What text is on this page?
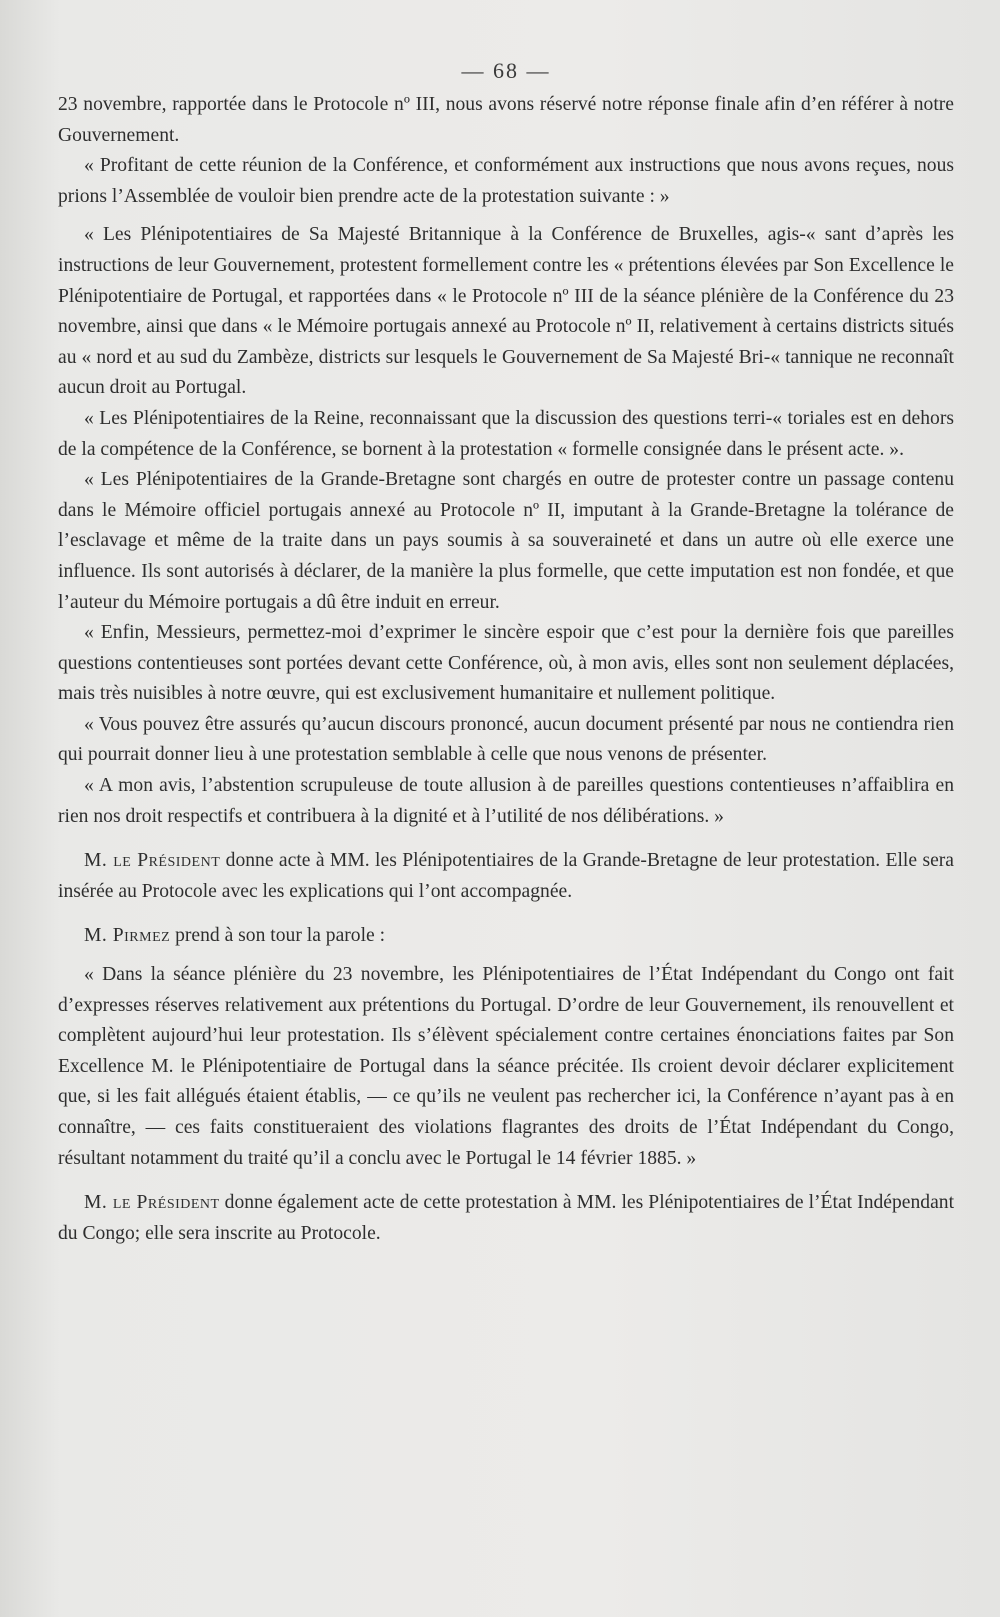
— 68 —

23 novembre, rapportée dans le Protocole nº III, nous avons réservé notre réponse finale afin d’en référer à notre Gouvernement.

« Profitant de cette réunion de la Conférence, et conformément aux instructions que nous avons reçues, nous prions l’Assemblée de vouloir bien prendre acte de la protestation suivante : »

« Les Plénipotentiaires de Sa Majesté Britannique à la Conférence de Bruxelles, agis-« sant d’après les instructions de leur Gouvernement, protestent formellement contre les « prétentions élevées par Son Excellence le Plénipotentiaire de Portugal, et rapportées dans « le Protocole nº III de la séance plénière de la Conférence du 23 novembre, ainsi que dans « le Mémoire portugais annexé au Protocole nº II, relativement à certains districts situés au « nord et au sud du Zambèze, districts sur lesquels le Gouvernement de Sa Majesté Bri-« tannique ne reconnaît aucun droit au Portugal.

« Les Plénipotentiaires de la Reine, reconnaissant que la discussion des questions terri-« toriales est en dehors de la compétence de la Conférence, se bornent à la protestation « formelle consignée dans le présent acte. ».

« Les Plénipotentiaires de la Grande-Bretagne sont chargés en outre de protester contre un passage contenu dans le Mémoire officiel portugais annexé au Protocole nº II, imputant à la Grande-Bretagne la tolérance de l’esclavage et même de la traite dans un pays soumis à sa souveraineté et dans un autre où elle exerce une influence. Ils sont autorisés à déclarer, de la manière la plus formelle, que cette imputation est non fondée, et que l’auteur du Mémoire portugais a dû être induit en erreur.

« Enfin, Messieurs, permettez-moi d’exprimer le sincère espoir que c’est pour la dernière fois que pareilles questions contentieuses sont portées devant cette Conférence, où, à mon avis, elles sont non seulement déplacées, mais très nuisibles à notre œuvre, qui est exclusivement humanitaire et nullement politique.

« Vous pouvez être assurés qu’aucun discours prononcé, aucun document présenté par nous ne contiendra rien qui pourrait donner lieu à une protestation semblable à celle que nous venons de présenter.

« A mon avis, l’abstention scrupuleuse de toute allusion à de pareilles questions contentieuses n’affaiblira en rien nos droit respectifs et contribuera à la dignité et à l’utilité de nos délibérations. »

M. le Président donne acte à MM. les Plénipotentiaires de la Grande-Bretagne de leur protestation. Elle sera insérée au Protocole avec les explications qui l’ont accompagnée.

M. Pirmez prend à son tour la parole :

« Dans la séance plénière du 23 novembre, les Plénipotentiaires de l’État Indépendant du Congo ont fait d’expresses réserves relativement aux prétentions du Portugal. D’ordre de leur Gouvernement, ils renouvellent et complètent aujourd’hui leur protestation. Ils s’élèvent spécialement contre certaines énonciations faites par Son Excellence M. le Plénipotentiaire de Portugal dans la séance précitée. Ils croient devoir déclarer explicitement que, si les fait allégués étaient établis, — ce qu’ils ne veulent pas rechercher ici, la Conférence n’ayant pas à en connaître, — ces faits constitueraient des violations flagrantes des droits de l’État Indépendant du Congo, résultant notamment du traité qu’il a conclu avec le Portugal le 14 février 1885. »

M. le Président donne également acte de cette protestation à MM. les Plénipotentiaires de l’État Indépendant du Congo; elle sera inscrite au Protocole.
